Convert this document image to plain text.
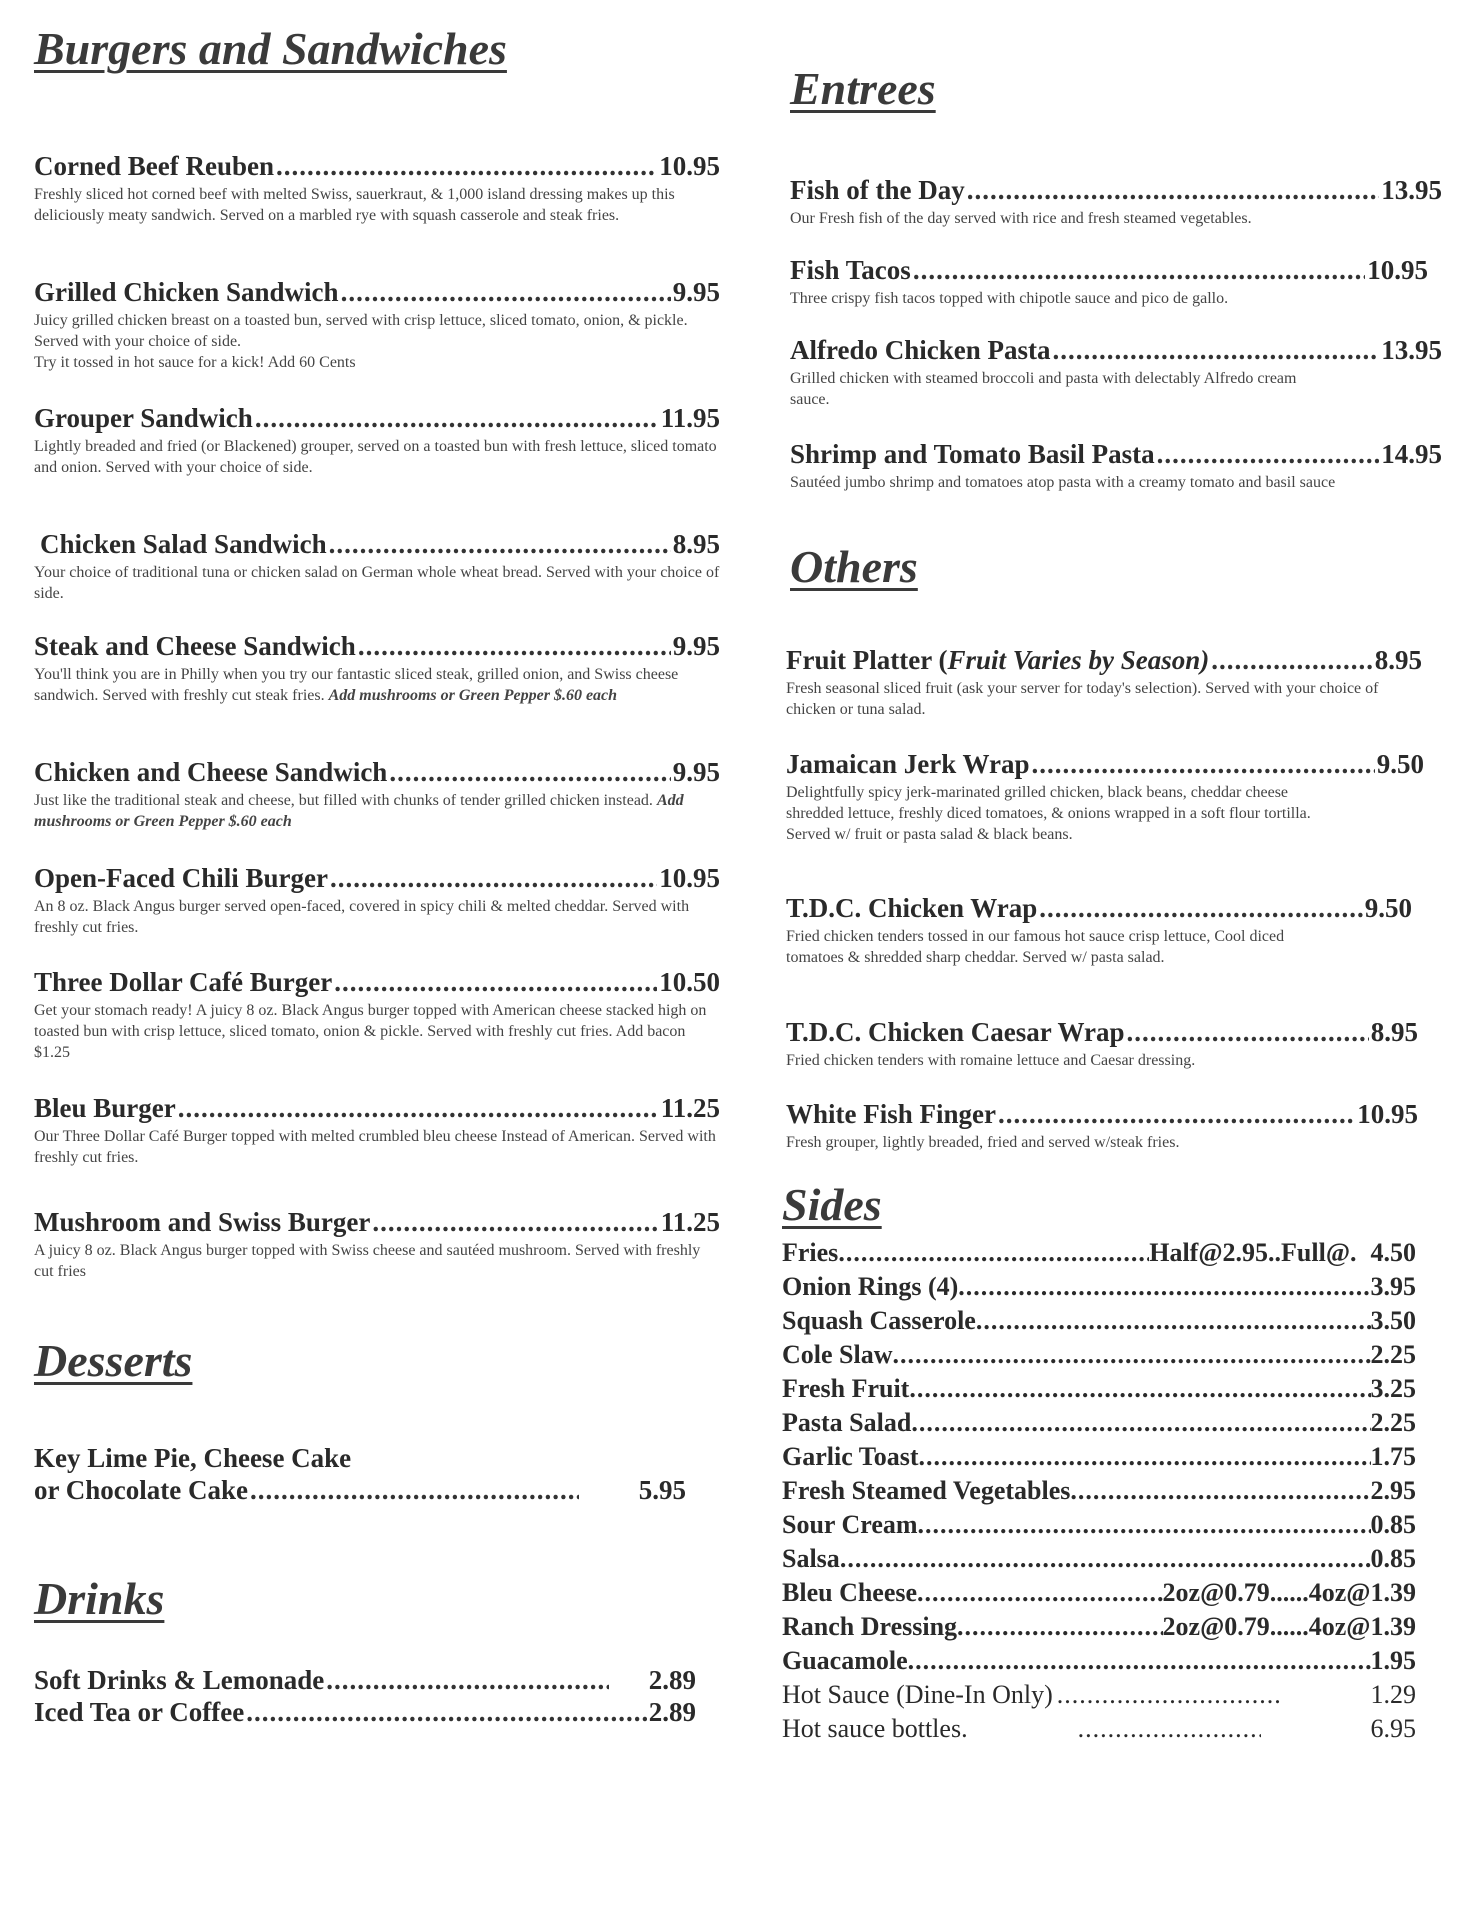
Burgers and Sandwiches
Corned Beef Reuben .....	10.95
Freshly sliced hot corned beef with melted Swiss, sauerkraut, & 1,000 island dressing makes up this deliciously meaty sandwich. Served on a marbled rye with squash casserole and steak fries.
Grilled Chicken Sandwich .....	9.95
Juicy grilled chicken breast on a toasted bun, served with crisp lettuce, sliced tomato, onion, & pickle. Served with your choice of side.
Try it tossed in hot sauce for a kick! Add 60 Cents
Grouper Sandwich .....	11.95
Lightly breaded and fried (or Blackened) grouper, served on a toasted bun with fresh lettuce, sliced tomato and onion. Served with your choice of side.
Chicken Salad Sandwich .....	8.95
Your choice of traditional tuna or chicken salad on German whole wheat bread. Served with your choice of side.
Steak and Cheese Sandwich .....	9.95
You'll think you are in Philly when you try our fantastic sliced steak, grilled onion, and Swiss cheese sandwich. Served with freshly cut steak fries. Add mushrooms or Green Pepper $.60 each
Chicken and Cheese Sandwich .....	9.95
Just like the traditional steak and cheese, but filled with chunks of tender grilled chicken instead. Add mushrooms or Green Pepper $.60 each
Open-Faced Chili Burger .....	10.95
An 8 oz. Black Angus burger served open-faced, covered in spicy chili & melted cheddar. Served with freshly cut fries.
Three Dollar Café Burger .....	10.50
Get your stomach ready! A juicy 8 oz. Black Angus burger topped with American cheese stacked high on toasted bun with crisp lettuce, sliced tomato, onion & pickle. Served with freshly cut fries. Add bacon $1.25
Bleu Burger .....	11.25
Our Three Dollar Café Burger topped with melted crumbled bleu cheese Instead of American. Served with freshly cut fries.
Mushroom and Swiss Burger .....	11.25
A juicy 8 oz. Black Angus burger topped with Swiss cheese and sautéed mushroom. Served with freshly cut fries
Desserts
Key Lime Pie, Cheese Cake
or Chocolate Cake .....	5.95
Drinks
Soft Drinks & Lemonade .....	2.89
Iced Tea or Coffee .....	2.89
Entrees
Fish of the Day .....	13.95
Our Fresh fish of the day served with rice and fresh steamed vegetables.
Fish Tacos .....	10.95
Three crispy fish tacos topped with chipotle sauce and pico de gallo.
Alfredo Chicken Pasta .....	13.95
Grilled chicken with steamed broccoli and pasta with delectably Alfredo cream sauce.
Shrimp and Tomato Basil Pasta .....	14.95
Sautéed jumbo shrimp and tomatoes atop pasta with a creamy tomato and basil sauce
Others
Fruit Platter ( Fruit Varies by Season) .....	8.95
Fresh seasonal sliced fruit (ask your server for today's selection). Served with your choice of chicken or tuna salad.
Jamaican Jerk Wrap .....	9.50
Delightfully spicy jerk-marinated grilled chicken, black beans, cheddar cheese shredded lettuce, freshly diced tomatoes, & onions wrapped in a soft flour tortilla. Served w/ fruit or pasta salad & black beans.
T.D.C. Chicken Wrap .....	9.50
Fried chicken tenders tossed in our famous hot sauce crisp lettuce, Cool diced tomatoes & shredded sharp cheddar. Served w/ pasta salad.
T.D.C. Chicken Caesar Wrap .....	8.95
Fried chicken tenders with romaine lettuce and Caesar dressing.
White Fish Finger .....	10.95
Fresh grouper, lightly breaded, fried and served w/steak fries.
Sides
Fries .....	Half@2.95..Full@. 4.50
Onion Rings (4) .....	3.95
Squash Casserole .....	3.50
Cole Slaw .....	2.25
Fresh Fruit .....	3.25
Pasta Salad .....	2.25
Garlic Toast .....	1.75
Fresh Steamed Vegetables .....	2.95
Sour Cream .....	0.85
Salsa .....	0.85
Bleu Cheese .....	2oz@0.79......4oz@ 1.39
Ranch Dressing .....	2oz@0.79......4oz@ 1.39
Guacamole .....	1.95
Hot Sauce (Dine-In Only) .....	1.29
Hot sauce bottles. .....	6.95
